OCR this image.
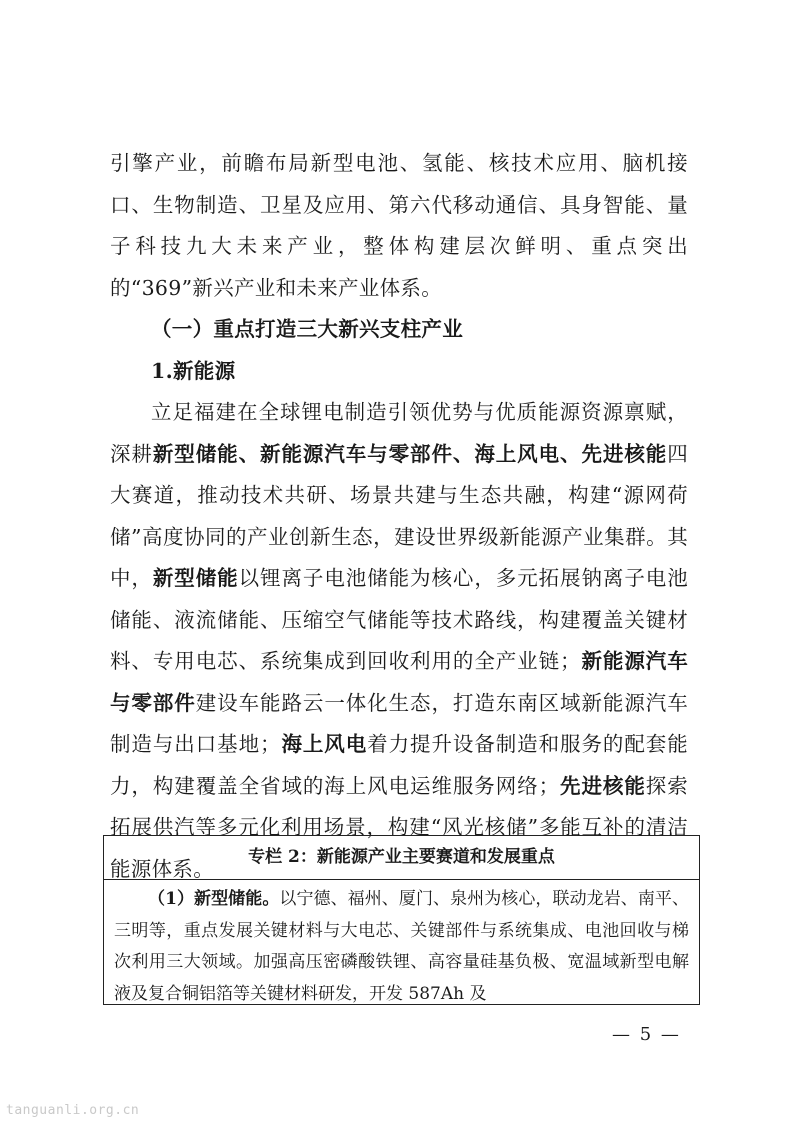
引擎产业，前瞻布局新型电池、氢能、核技术应用、脑机接口、生物制造、卫星及应用、第六代移动通信、具身智能、量子科技九大未来产业，整体构建层次鲜明、重点突出的“369”新兴产业和未来产业体系。

（一）重点打造三大新兴支柱产业

1.新能源

立足福建在全球锂电制造引领优势与优质能源资源禀赋，深耕新型储能、新能源汽车与零部件、海上风电、先进核能四大赛道，推动技术共研、场景共建与生态共融，构建“源网荷储”高度协同的产业创新生态，建设世界级新能源产业集群。其中，新型储能以锂离子电池储能为核心，多元拓展钠离子电池储能、液流储能、压缩空气储能等技术路线，构建覆盖关键材料、专用电芯、系统集成到回收利用的全产业链；新能源汽车与零部件建设车能路云一体化生态，打造东南区域新能源汽车制造与出口基地；海上风电着力提升设备制造和服务的配套能力，构建覆盖全省域的海上风电运维服务网络；先进核能探索拓展供汽等多元化利用场景，构建“风光核储”多能互补的清洁能源体系。	专栏 2：新能源产业主要赛道和发展重点
（1）新型储能。以宁德、福州、厦门、泉州为核心，联动龙岩、南平、三明等，重点发展关键材料与大电芯、关键部件与系统集成、电池回收与梯次利用三大领域。加强高压密磷酸铁锂、高容量硅基负极、宽温域新型电解液及复合铜铝箔等关键材料研发，开发 587Ah 及
— 5 —
tanguanli.org.cn
